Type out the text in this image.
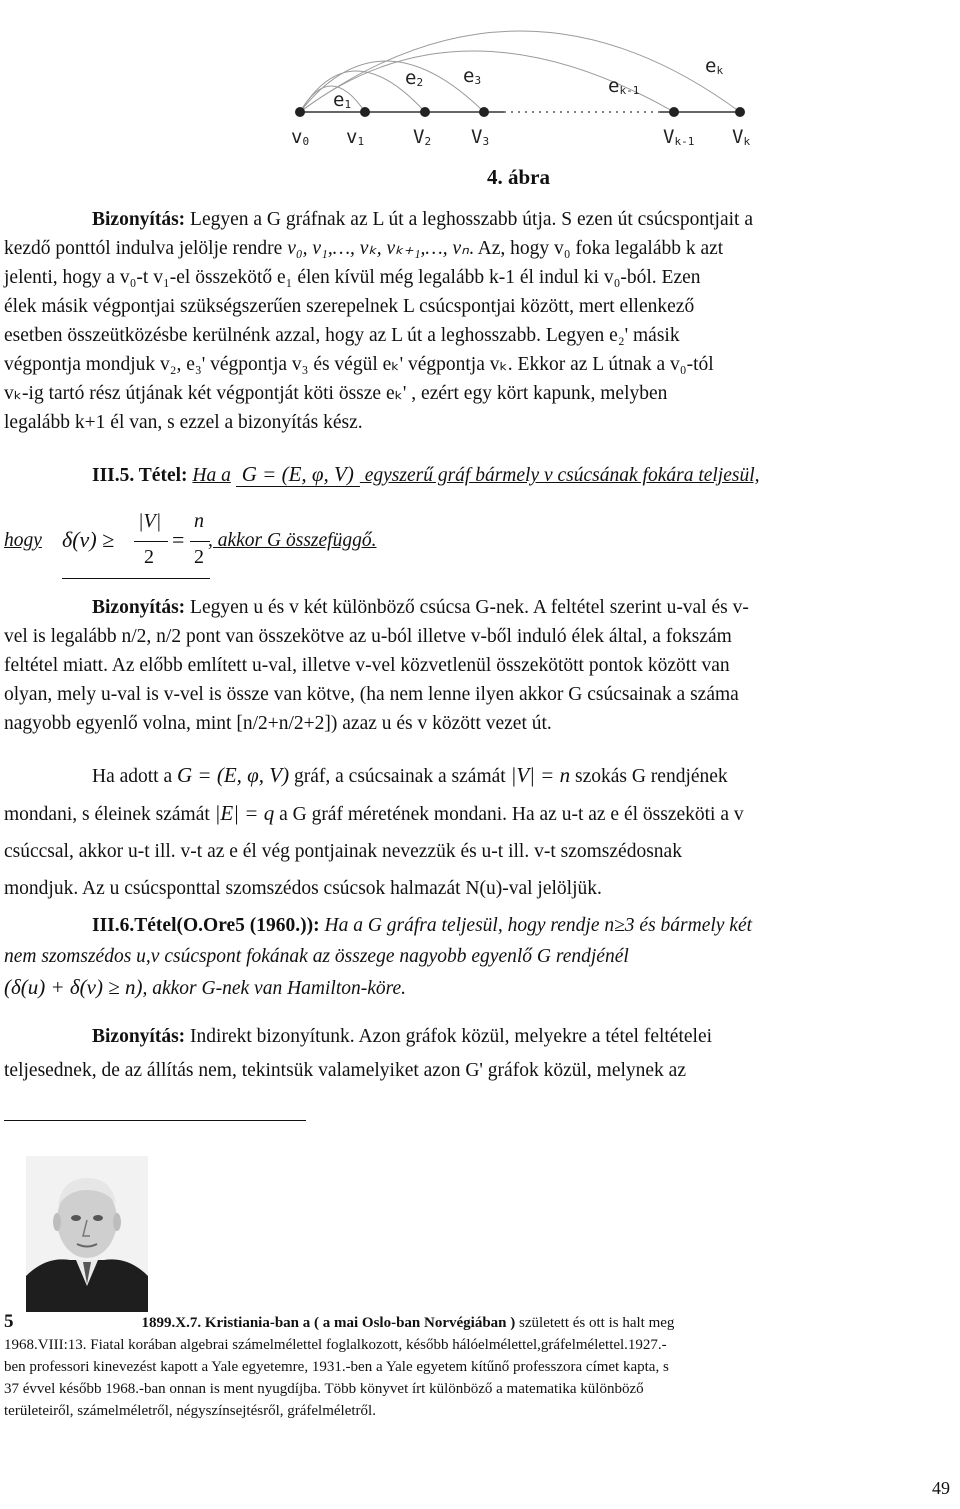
v0 v1	V2 V3	Vk-1 Vk
e1
e2 e3	ek-1
ek
4. ábra
Bizonyítás: Legyen a G gráfnak az L út a leghosszabb útja. S ezen út csúcspontjait a
kezdő ponttól indulva jelölje rendre v₀, v₁,…, vₖ, vₖ₊₁,…, vₙ. Az, hogy v₀ foka legalább k azt
jelenti, hogy a v₀-t v₁-el összekötő e₁ élen kívül még legalább k-1 él indul ki v₀-ból. Ezen
élek másik végpontjai szükségszerűen szerepelnek L csúcspontjai között, mert ellenkező
esetben összeütközésbe kerülnénk azzal, hogy az L út a leghosszabb. Legyen e₂' másik
végpontja mondjuk v₂, e₃' végpontja v₃ és végül eₖ' végpontja vₖ. Ekkor az L útnak a v₀-tól
vₖ-ig tartó rész útjának két végpontját köti össze eₖ' , ezért egy kört kapunk, melyben
legalább k+1 él van, s ezzel a bizonyítás kész.
III.5. Tétel: Ha a G = (E, φ, V) egyszerű gráf bármely v csúcsának fokára teljesül,
hogy δ(v) ≥
|V|
2
=
n
2
, akkor G összefüggő.
Bizonyítás: Legyen u és v két különböző csúcsa G-nek. A feltétel szerint u-val és v-
vel is legalább n/2, n/2 pont van összekötve az u-ból illetve v-ből induló élek által, a fokszám
feltétel miatt. Az előbb említett u-val, illetve v-vel közvetlenül összekötött pontok között van
olyan, mely u-val is v-vel is össze van kötve, (ha nem lenne ilyen akkor G csúcsainak a száma
nagyobb egyenlő volna, mint [n/2+n/2+2]) azaz u és v között vezet út.
Ha adott a G = (E, φ, V) gráf, a csúcsainak a számát |V| = n szokás G rendjének
mondani, s éleinek számát |E| = q a G gráf méretének mondani. Ha az u-t az e él összeköti a v
csúccsal, akkor u-t ill. v-t az e él vég pontjainak nevezzük és u-t ill. v-t szomszédosnak
mondjuk. Az u csúcsponttal szomszédos csúcsok halmazát N(u)-val jelöljük.
III.6.Tétel(O.Ore5 (1960.)): Ha a G gráfra teljesül, hogy rendje n≥3 és bármely két
nem szomszédos u,v csúcspont fokának az összege nagyobb egyenlő G rendjénél
(δ(u) + δ(v) ≥ n), akkor G-nek van Hamilton-köre.
Bizonyítás: Indirekt bizonyítunk. Azon gráfok közül, melyekre a tétel feltételei
teljesednek, de az állítás nem, tekintsük valamelyiket azon G' gráfok közül, melynek az
5	1899.X.7. Kristiania-ban a ( a mai Oslo-ban Norvégiában ) született és ott is halt meg
1968.VIII:13. Fiatal korában algebrai számelmélettel foglalkozott, később hálóelmélettel,gráfelmélettel.1927.-
ben professori kinevezést kapott a Yale egyetemre, 1931.-ben a Yale egyetem kítűnő professzora címet kapta, s
37 évvel később 1968.-ban onnan is ment nyugdíjba. Több könyvet írt különböző a matematika különböző
területeiről, számelméletről, négyszínsejtésről, gráfelméletről.
49
